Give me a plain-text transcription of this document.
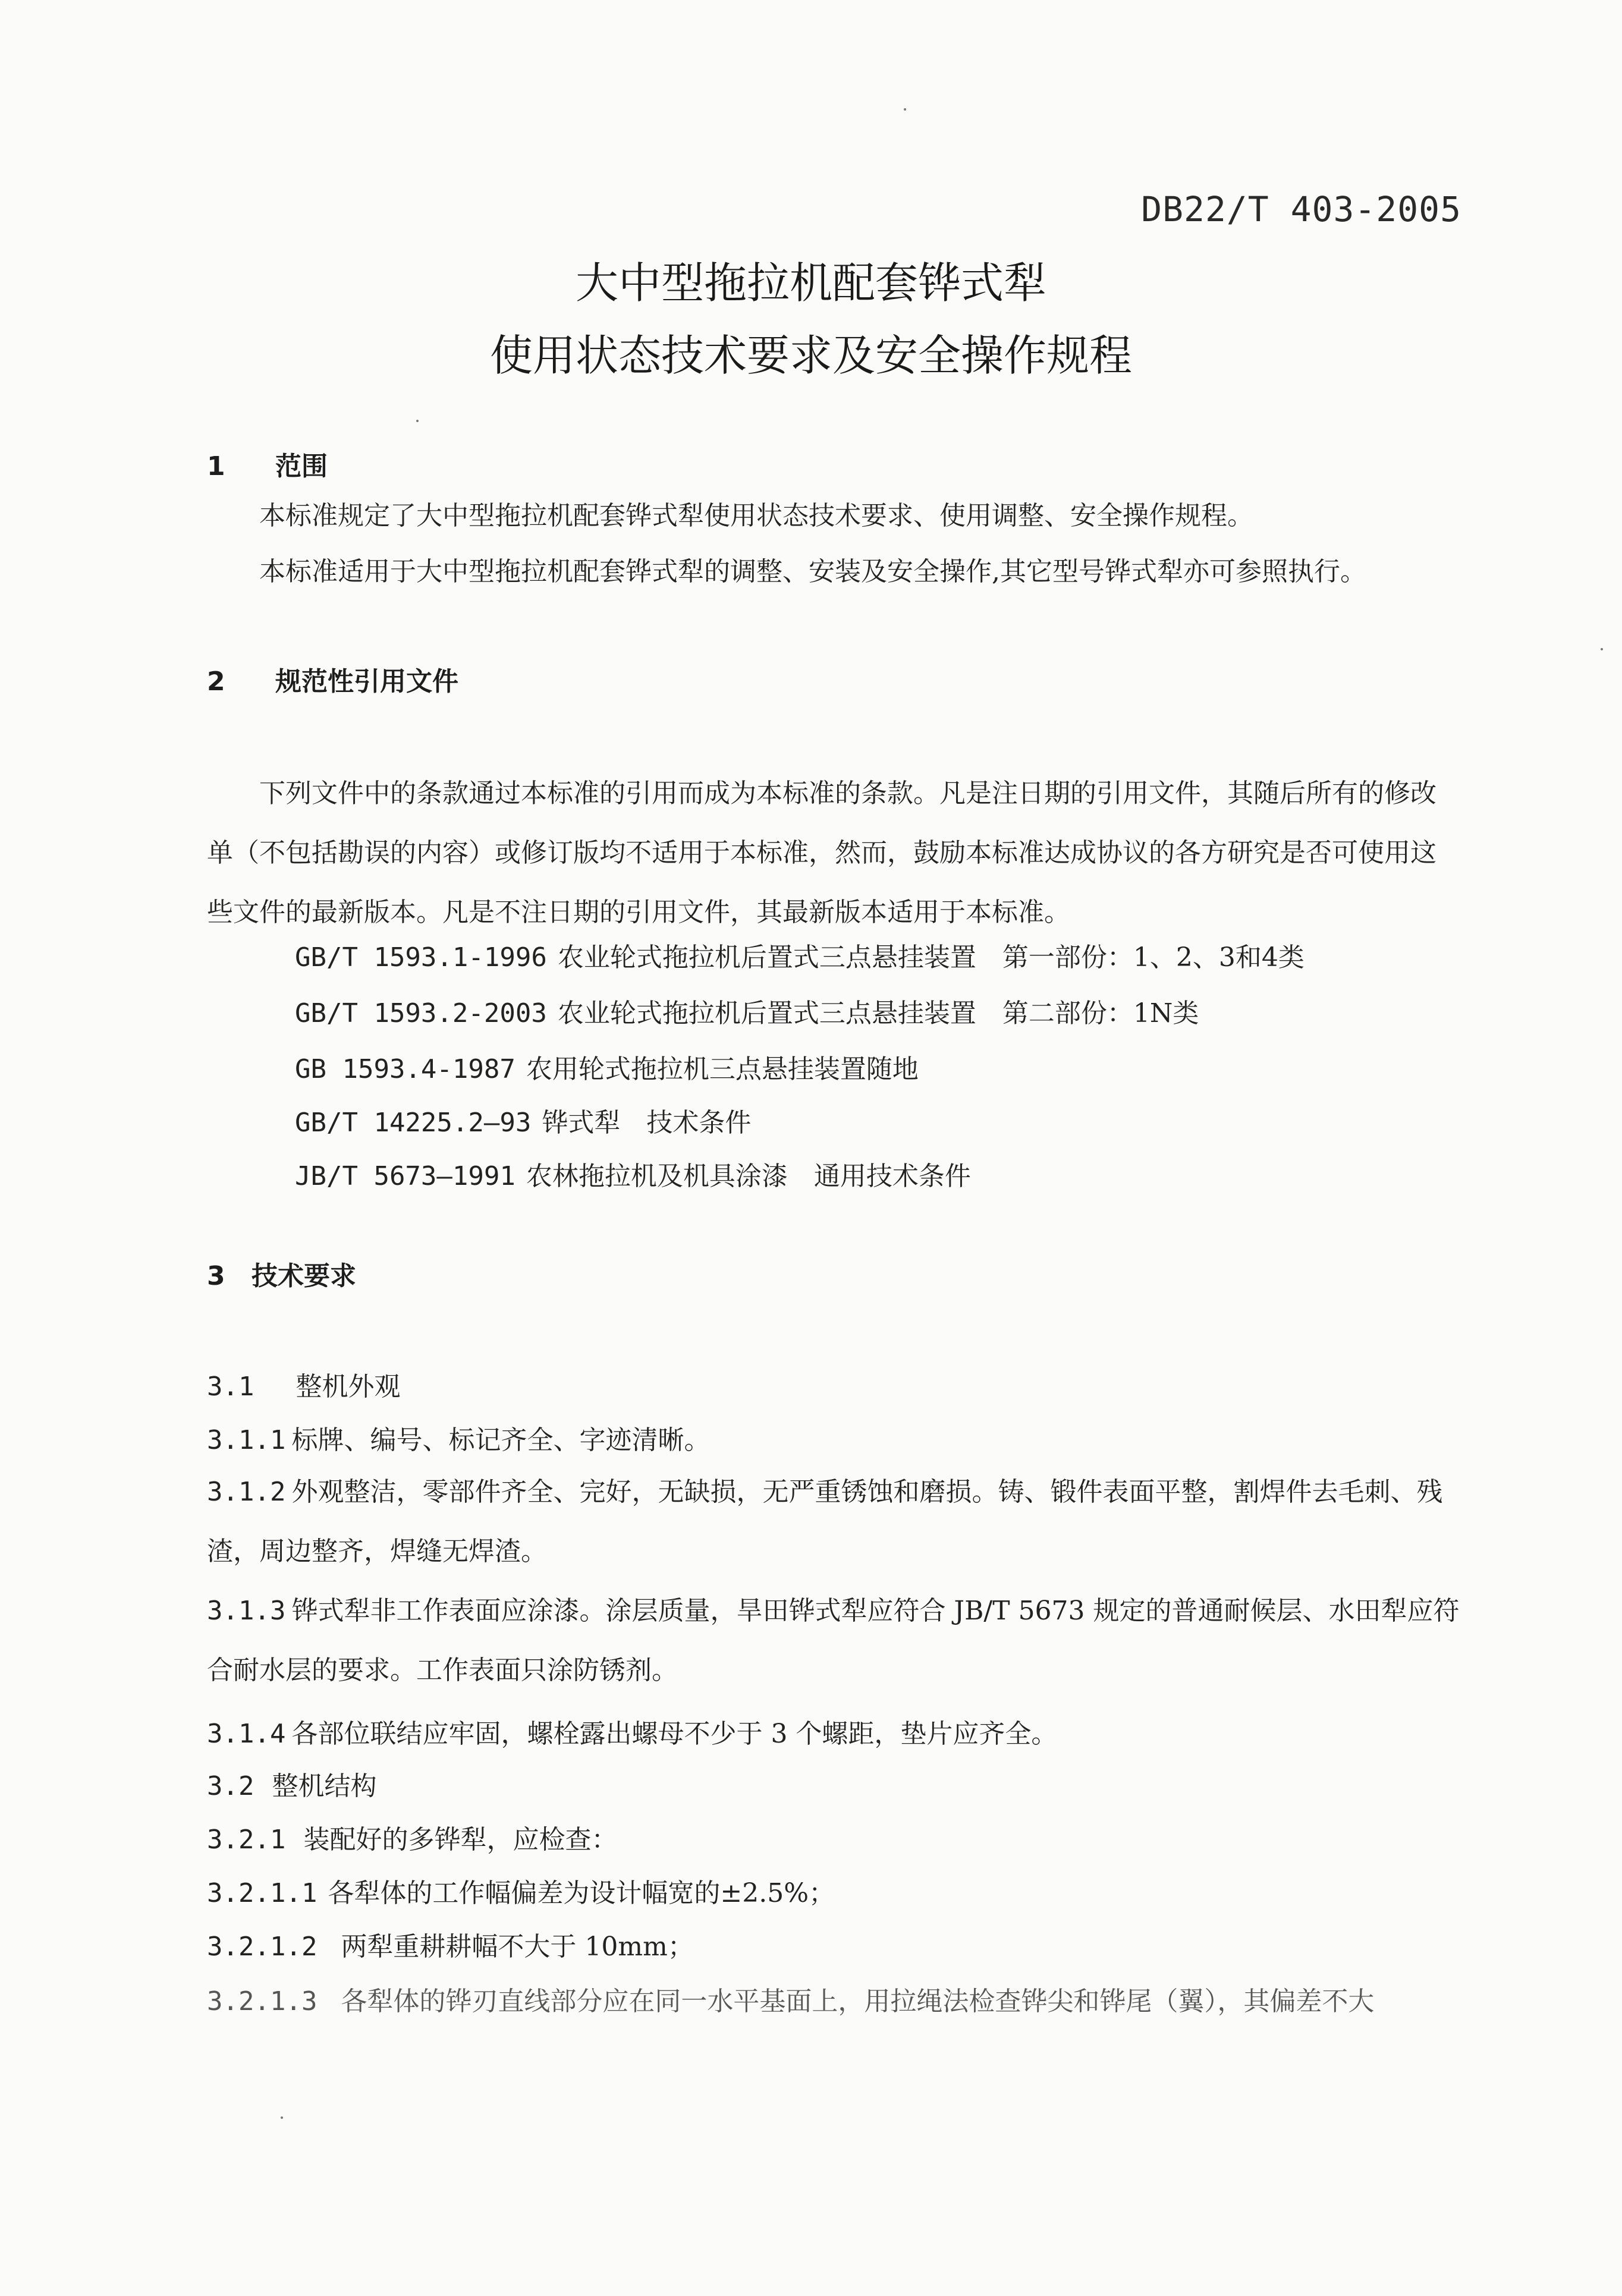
DB22/T 403-2005
大中型拖拉机配套铧式犁
使用状态技术要求及安全操作规程
1 范围
本标准规定了大中型拖拉机配套铧式犁使用状态技术要求、使用调整、安全操作规程。
本标准适用于大中型拖拉机配套铧式犁的调整、安装及安全操作,其它型号铧式犁亦可参照执行。
2 规范性引用文件
下列文件中的条款通过本标准的引用而成为本标准的条款。凡是注日期的引用文件，其随后所有的修改单（不包括勘误的内容）或修订版均不适用于本标准，然而，鼓励本标准达成协议的各方研究是否可使用这些文件的最新版本。凡是不注日期的引用文件，其最新版本适用于本标准。
GB/T 1593.1-1996 农业轮式拖拉机后置式三点悬挂装置　第一部份：1、2、3和4类
GB/T 1593.2-2003 农业轮式拖拉机后置式三点悬挂装置　第二部份：1N类
GB 1593.4-1987 农用轮式拖拉机三点悬挂装置随地
GB/T 14225.2—93 铧式犁　技术条件
JB/T 5673—1991 农林拖拉机及机具涂漆　通用技术条件
3 技术要求
3.1 整机外观
3.1.1 标牌、编号、标记齐全、字迹清晰。
3.1.2 外观整洁，零部件齐全、完好，无缺损，无严重锈蚀和磨损。铸、锻件表面平整，割焊件去毛刺、残渣，周边整齐，焊缝无焊渣。
3.1.3 铧式犁非工作表面应涂漆。涂层质量，旱田铧式犁应符合 JB/T 5673 规定的普通耐候层、水田犁应符合耐水层的要求。工作表面只涂防锈剂。
3.1.4 各部位联结应牢固，螺栓露出螺母不少于 3 个螺距，垫片应齐全。
3.2 整机结构
3.2.1 装配好的多铧犁，应检查：
3.2.1.1 各犁体的工作幅偏差为设计幅宽的±2.5%；
3.2.1.2 两犁重耕耕幅不大于 10mm；
3.2.1.3 各犁体的铧刃直线部分应在同一水平基面上，用拉绳法检查铧尖和铧尾（翼），其偏差不大
